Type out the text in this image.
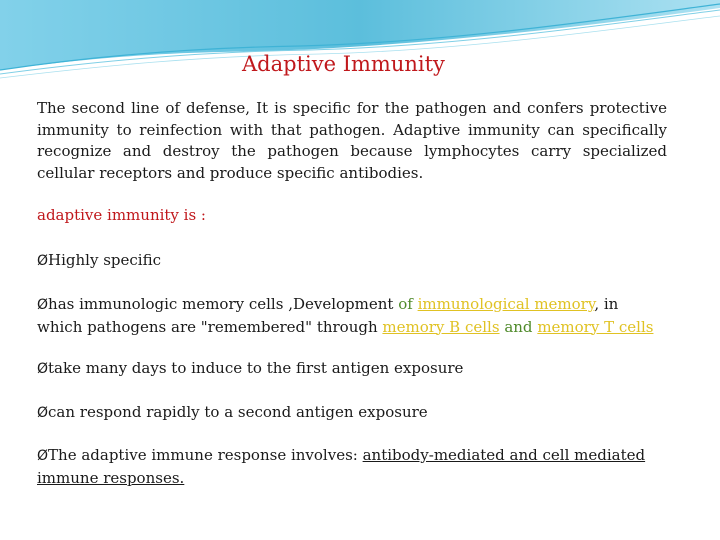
Adaptive Immunity

The second line of defense, It is specific for the pathogen and confers protective immunity to reinfection with that pathogen. Adaptive immunity can specifically recognize and destroy the pathogen because lymphocytes carry specialized cellular receptors and produce specific antibodies.

adaptive immunity is :

ØHighly specific

Øhas immunologic memory cells ,Development of immunological memory, in which pathogens are "remembered" through memory B cells and memory T cells

Øtake many days to induce to the first antigen exposure

Øcan respond rapidly to a second antigen exposure

ØThe adaptive immune response involves: antibody-mediated and cell mediated immune responses.
